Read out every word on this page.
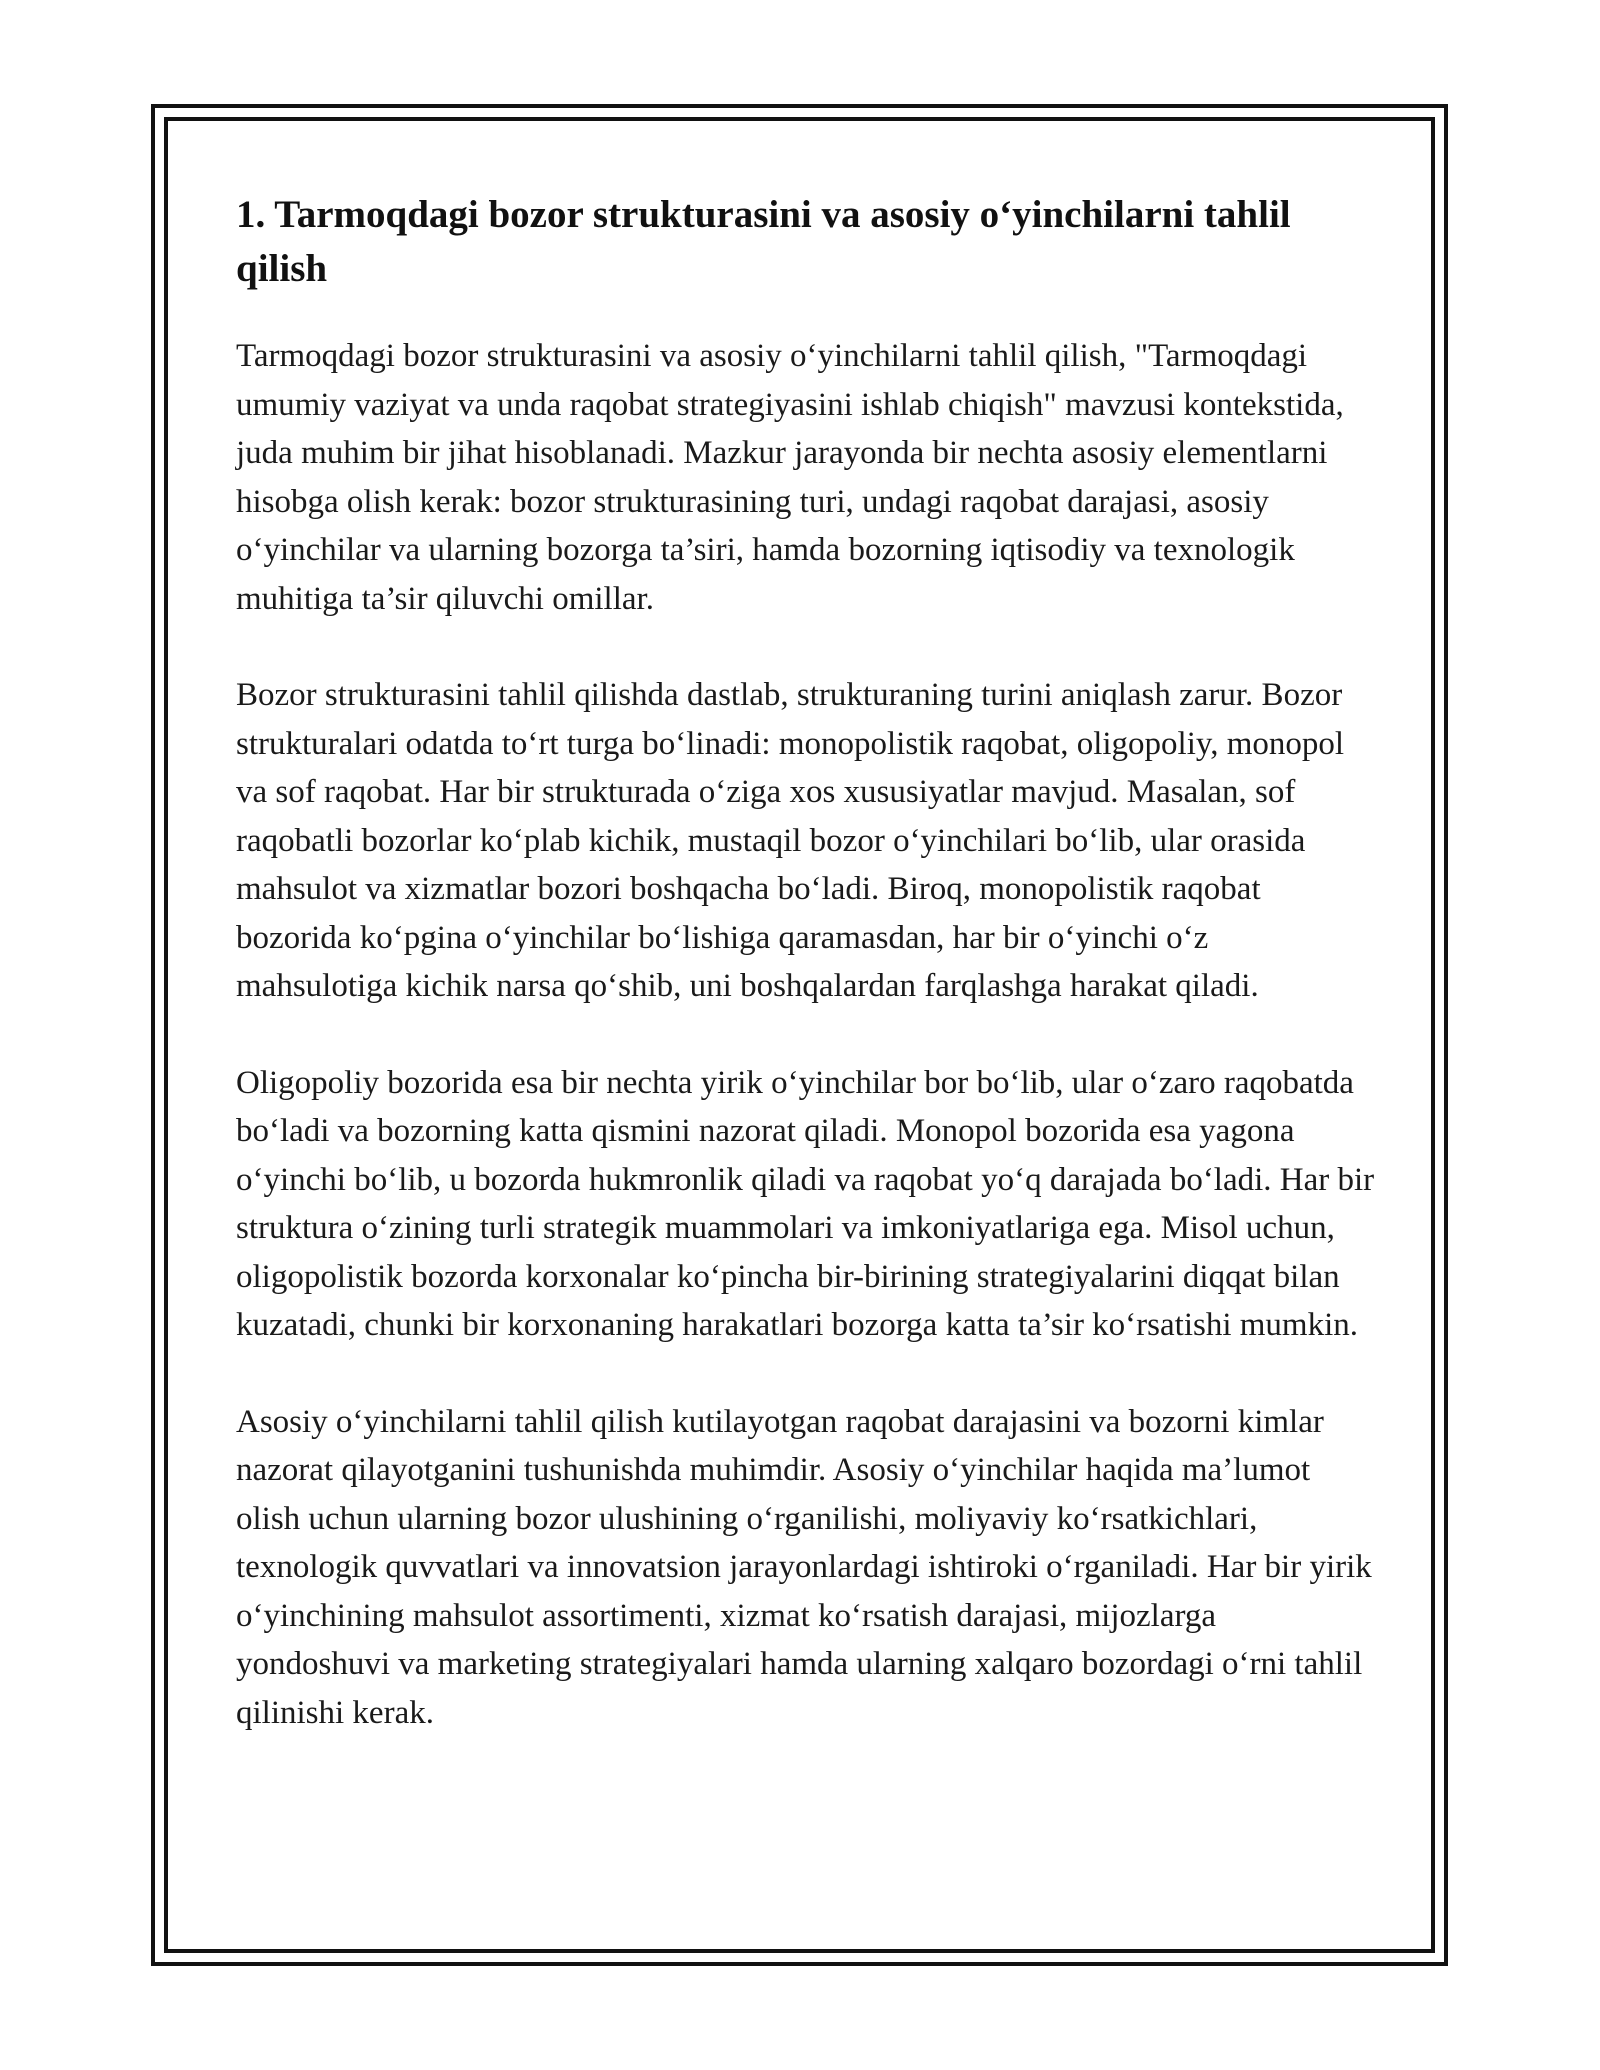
1. Tarmoqdagi bozor strukturasini va asosiy o‘yinchilarni tahlil qilish

Tarmoqdagi bozor strukturasini va asosiy o‘yinchilarni tahlil qilish, "Tarmoqdagi umumiy vaziyat va unda raqobat strategiyasini ishlab chiqish" mavzusi kontekstida, juda muhim bir jihat hisoblanadi. Mazkur jarayonda bir nechta asosiy elementlarni hisobga olish kerak: bozor strukturasining turi, undagi raqobat darajasi, asosiy o‘yinchilar va ularning bozorga ta’siri, hamda bozorning iqtisodiy va texnologik muhitiga ta’sir qiluvchi omillar.

Bozor strukturasini tahlil qilishda dastlab, strukturaning turini aniqlash zarur. Bozor strukturalari odatda to‘rt turga bo‘linadi: monopolistik raqobat, oligopoliy, monopol va sof raqobat. Har bir strukturada o‘ziga xos xususiyatlar mavjud. Masalan, sof raqobatli bozorlar ko‘plab kichik, mustaqil bozor o‘yinchilari bo‘lib, ular orasida mahsulot va xizmatlar bozori boshqacha bo‘ladi. Biroq, monopolistik raqobat bozorida ko‘pgina o‘yinchilar bo‘lishiga qaramasdan, har bir o‘yinchi o‘z mahsulotiga kichik narsa qo‘shib, uni boshqalardan farqlashga harakat qiladi.

Oligopoliy bozorida esa bir nechta yirik o‘yinchilar bor bo‘lib, ular o‘zaro raqobatda bo‘ladi va bozorning katta qismini nazorat qiladi. Monopol bozorida esa yagona o‘yinchi bo‘lib, u bozorda hukmronlik qiladi va raqobat yo‘q darajada bo‘ladi. Har bir struktura o‘zining turli strategik muammolari va imkoniyatlariga ega. Misol uchun, oligopolistik bozorda korxonalar ko‘pincha bir-birining strategiyalarini diqqat bilan kuzatadi, chunki bir korxonaning harakatlari bozorga katta ta’sir ko‘rsatishi mumkin.

Asosiy o‘yinchilarni tahlil qilish kutilayotgan raqobat darajasini va bozorni kimlar nazorat qilayotganini tushunishda muhimdir. Asosiy o‘yinchilar haqida ma’lumot olish uchun ularning bozor ulushining o‘rganilishi, moliyaviy ko‘rsatkichlari, texnologik quvvatlari va innovatsion jarayonlardagi ishtiroki o‘rganiladi. Har bir yirik o‘yinchining mahsulot assortimenti, xizmat ko‘rsatish darajasi, mijozlarga yondoshuvi va marketing strategiyalari hamda ularning xalqaro bozordagi o‘rni tahlil qilinishi kerak.
